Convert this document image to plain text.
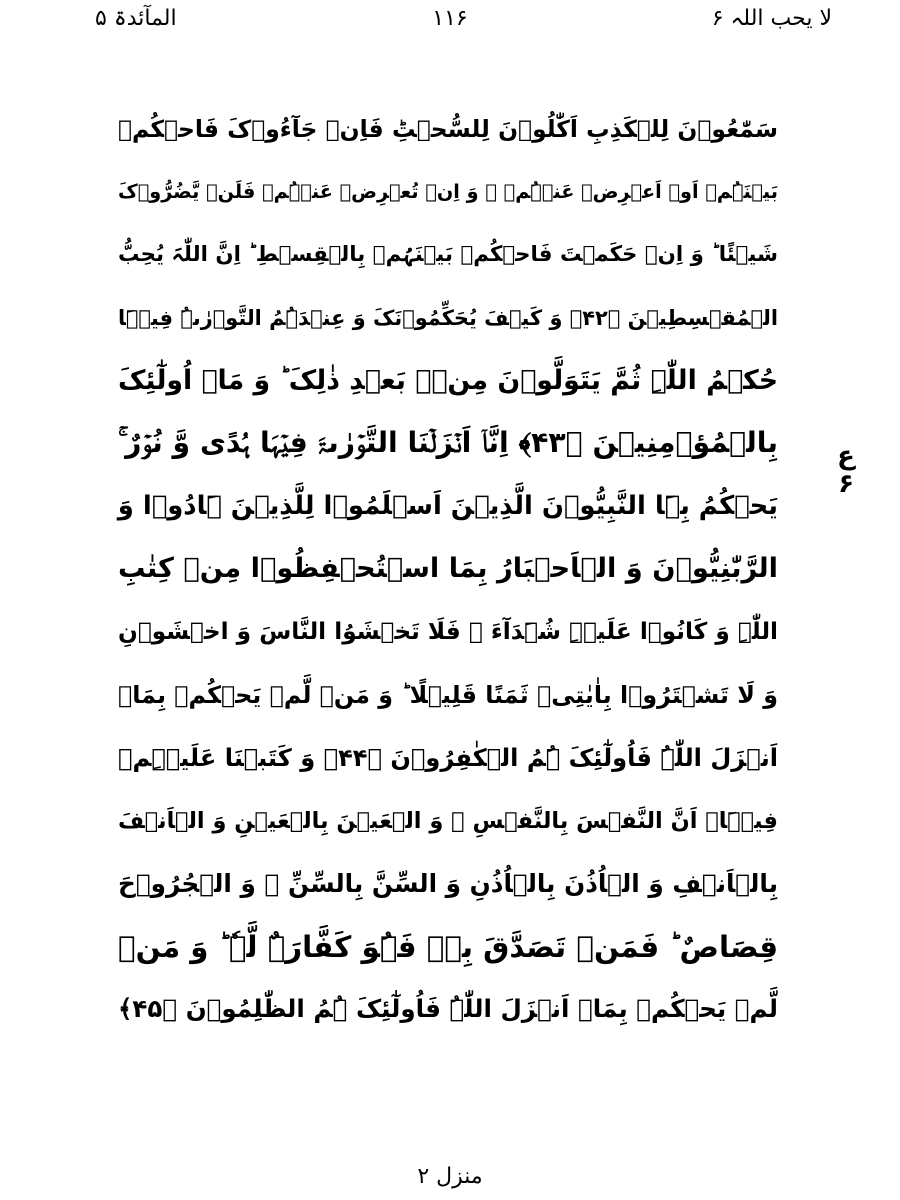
لا یحب اللہ ۶
۱۱۶
المآئدۃ ۵
سَمّٰعُوۡنَ لِلۡکَذِبِ اَکّٰلُوۡنَ لِلسُّحۡتِؕ فَاِنۡ جَآءُوۡکَ فَاحۡکُمۡ
بَیۡنَہُمۡ اَوۡ اَعۡرِضۡ عَنۡہُمۡ ۚ وَ اِنۡ تُعۡرِضۡ عَنۡہُمۡ فَلَنۡ یَّضُرُّوۡکَ
شَیۡئًا ؕ وَ اِنۡ حَکَمۡتَ فَاحۡکُمۡ بَیۡنَہُمۡ بِالۡقِسۡطِ ؕ اِنَّ اللّٰہَ یُحِبُّ
الۡمُقۡسِطِیۡنَ ﴿۴۲﴾ وَ کَیۡفَ یُحَکِّمُوۡنَکَ وَ عِنۡدَہُمُ التَّوۡرٰىۃُ فِیۡہَا
حُکۡمُ اللّٰہِ ثُمَّ یَتَوَلَّوۡنَ مِنۡۢ بَعۡدِ ذٰلِکَ ؕ وَ مَاۤ اُولٰٓئِکَ
بِالۡمُؤۡمِنِیۡنَ ﴿۴۳﴾ اِنَّاۤ اَنۡزَلۡنَا التَّوۡرٰىۃَ فِیۡہَا ہُدًی وَّ نُوۡرٌ ۚ
یَحۡکُمُ بِہَا النَّبِیُّوۡنَ الَّذِیۡنَ اَسۡلَمُوۡا لِلَّذِیۡنَ ہَادُوۡا وَ
الرَّبّٰنِیُّوۡنَ وَ الۡاَحۡبَارُ بِمَا اسۡتُحۡفِظُوۡا مِنۡ کِتٰبِ
اللّٰہِ وَ کَانُوۡا عَلَیۡہِ شُہَدَآءَ ۚ فَلَا تَخۡشَوُا النَّاسَ وَ اخۡشَوۡنِ
وَ لَا تَشۡتَرُوۡا بِاٰیٰتِیۡ ثَمَنًا قَلِیۡلًا ؕ وَ مَنۡ لَّمۡ یَحۡکُمۡ بِمَاۤ
اَنۡزَلَ اللّٰہُ فَاُولٰٓئِکَ ہُمُ الۡکٰفِرُوۡنَ ﴿۴۴﴾ وَ کَتَبۡنَا عَلَیۡہِمۡ
فِیۡہَاۤ اَنَّ النَّفۡسَ بِالنَّفۡسِ ۙ وَ الۡعَیۡنَ بِالۡعَیۡنِ وَ الۡاَنۡفَ
بِالۡاَنۡفِ وَ الۡاُذُنَ بِالۡاُذُنِ وَ السِّنَّ بِالسِّنِّ ۙ وَ الۡجُرُوۡحَ
قِصَاصٌ ؕ فَمَنۡ تَصَدَّقَ بِہٖ فَہُوَ کَفَّارَۃٌ لَّہٗ ؕ وَ مَنۡ
لَّمۡ یَحۡکُمۡ بِمَاۤ اَنۡزَلَ اللّٰہُ فَاُولٰٓئِکَ ہُمُ الظّٰلِمُوۡنَ ﴿۴۵﴾
ع ۶
منزل ۲
